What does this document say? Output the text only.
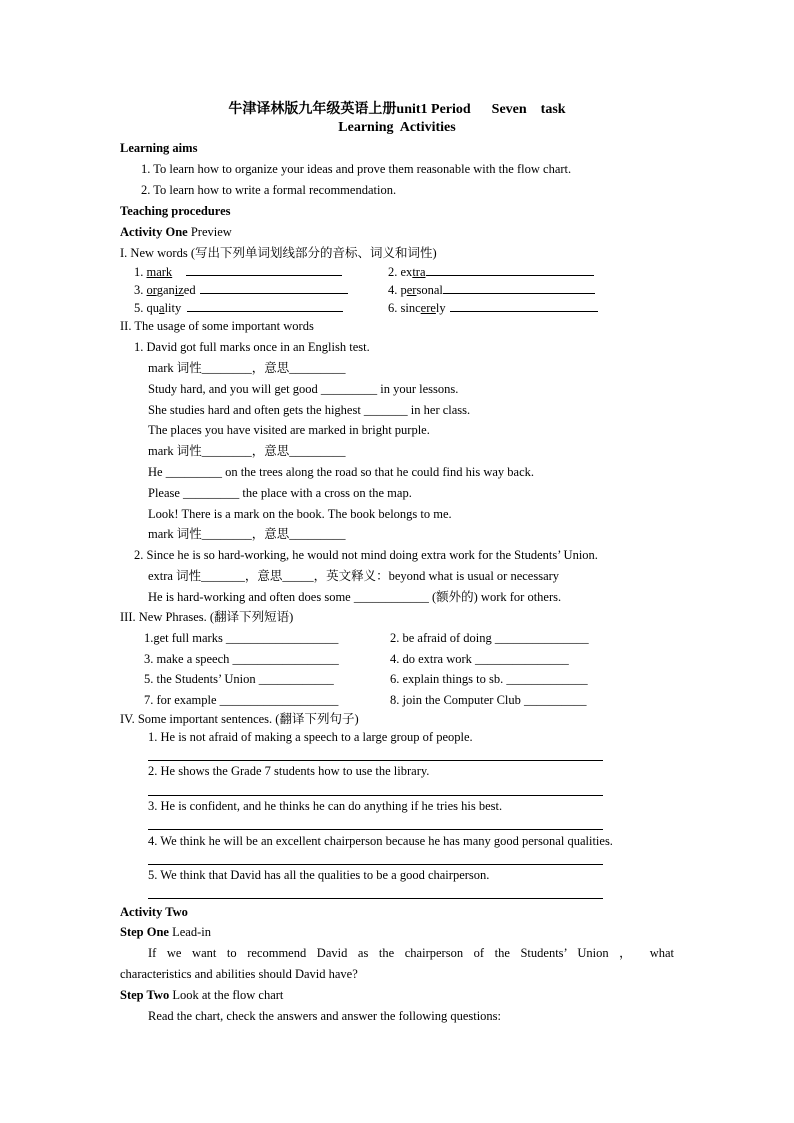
牛津译林版九年级英语上册unit1 Period      Seven    task
Learning  Activities
Learning aims
1. To learn how to organize your ideas and prove them reasonable with the flow chart.
2. To learn how to write a formal recommendation.
Teaching procedures
Activity One Preview
I. New words (写出下列单词划线部分的音标、词义和词性)
1. mark	2. extra
3. organized	4. personal
5. quality	6. sincerely
II. The usage of some important words
1. David got full marks once in an English test.
mark 词性________，意思_________
Study hard, and you will get good _________ in your lessons.
She studies hard and often gets the highest _______ in her class.
The places you have visited are marked in bright purple.
mark 词性________，意思_________
He _________ on the trees along the road so that he could find his way back.
Please _________ the place with a cross on the map.
Look! There is a mark on the book. The book belongs to me.
mark 词性________，意思_________
2. Since he is so hard-working, he would not mind doing extra work for the Students’ Union.
extra 词性_______，意思_____，英文释义：beyond what is usual or necessary
He is hard-working and often does some ____________ (额外的) work for others.
III. New Phrases. (翻译下列短语)
1.get full marks __________________	2. be afraid of doing _______________
3. make a speech _________________	4. do extra work _______________
5. the Students’ Union ____________	6. explain things to sb. _____________
7. for example ___________________	8. join the Computer Club __________
IV. Some important sentences. (翻译下列句子)
1. He is not afraid of making a speech to a large group of people.
2. He shows the Grade 7 students how to use the library.
3. He is confident, and he thinks he can do anything if he tries his best.
4. We think he will be an excellent chairperson because he has many good personal qualities.
5. We think that David has all the qualities to be a good chairperson.
Activity Two
Step One Lead-in
If we want to recommend David as the chairperson of the Students’ Union ， what
characteristics and abilities should David have?
Step Two Look at the flow chart
Read the chart, check the answers and answer the following questions:
